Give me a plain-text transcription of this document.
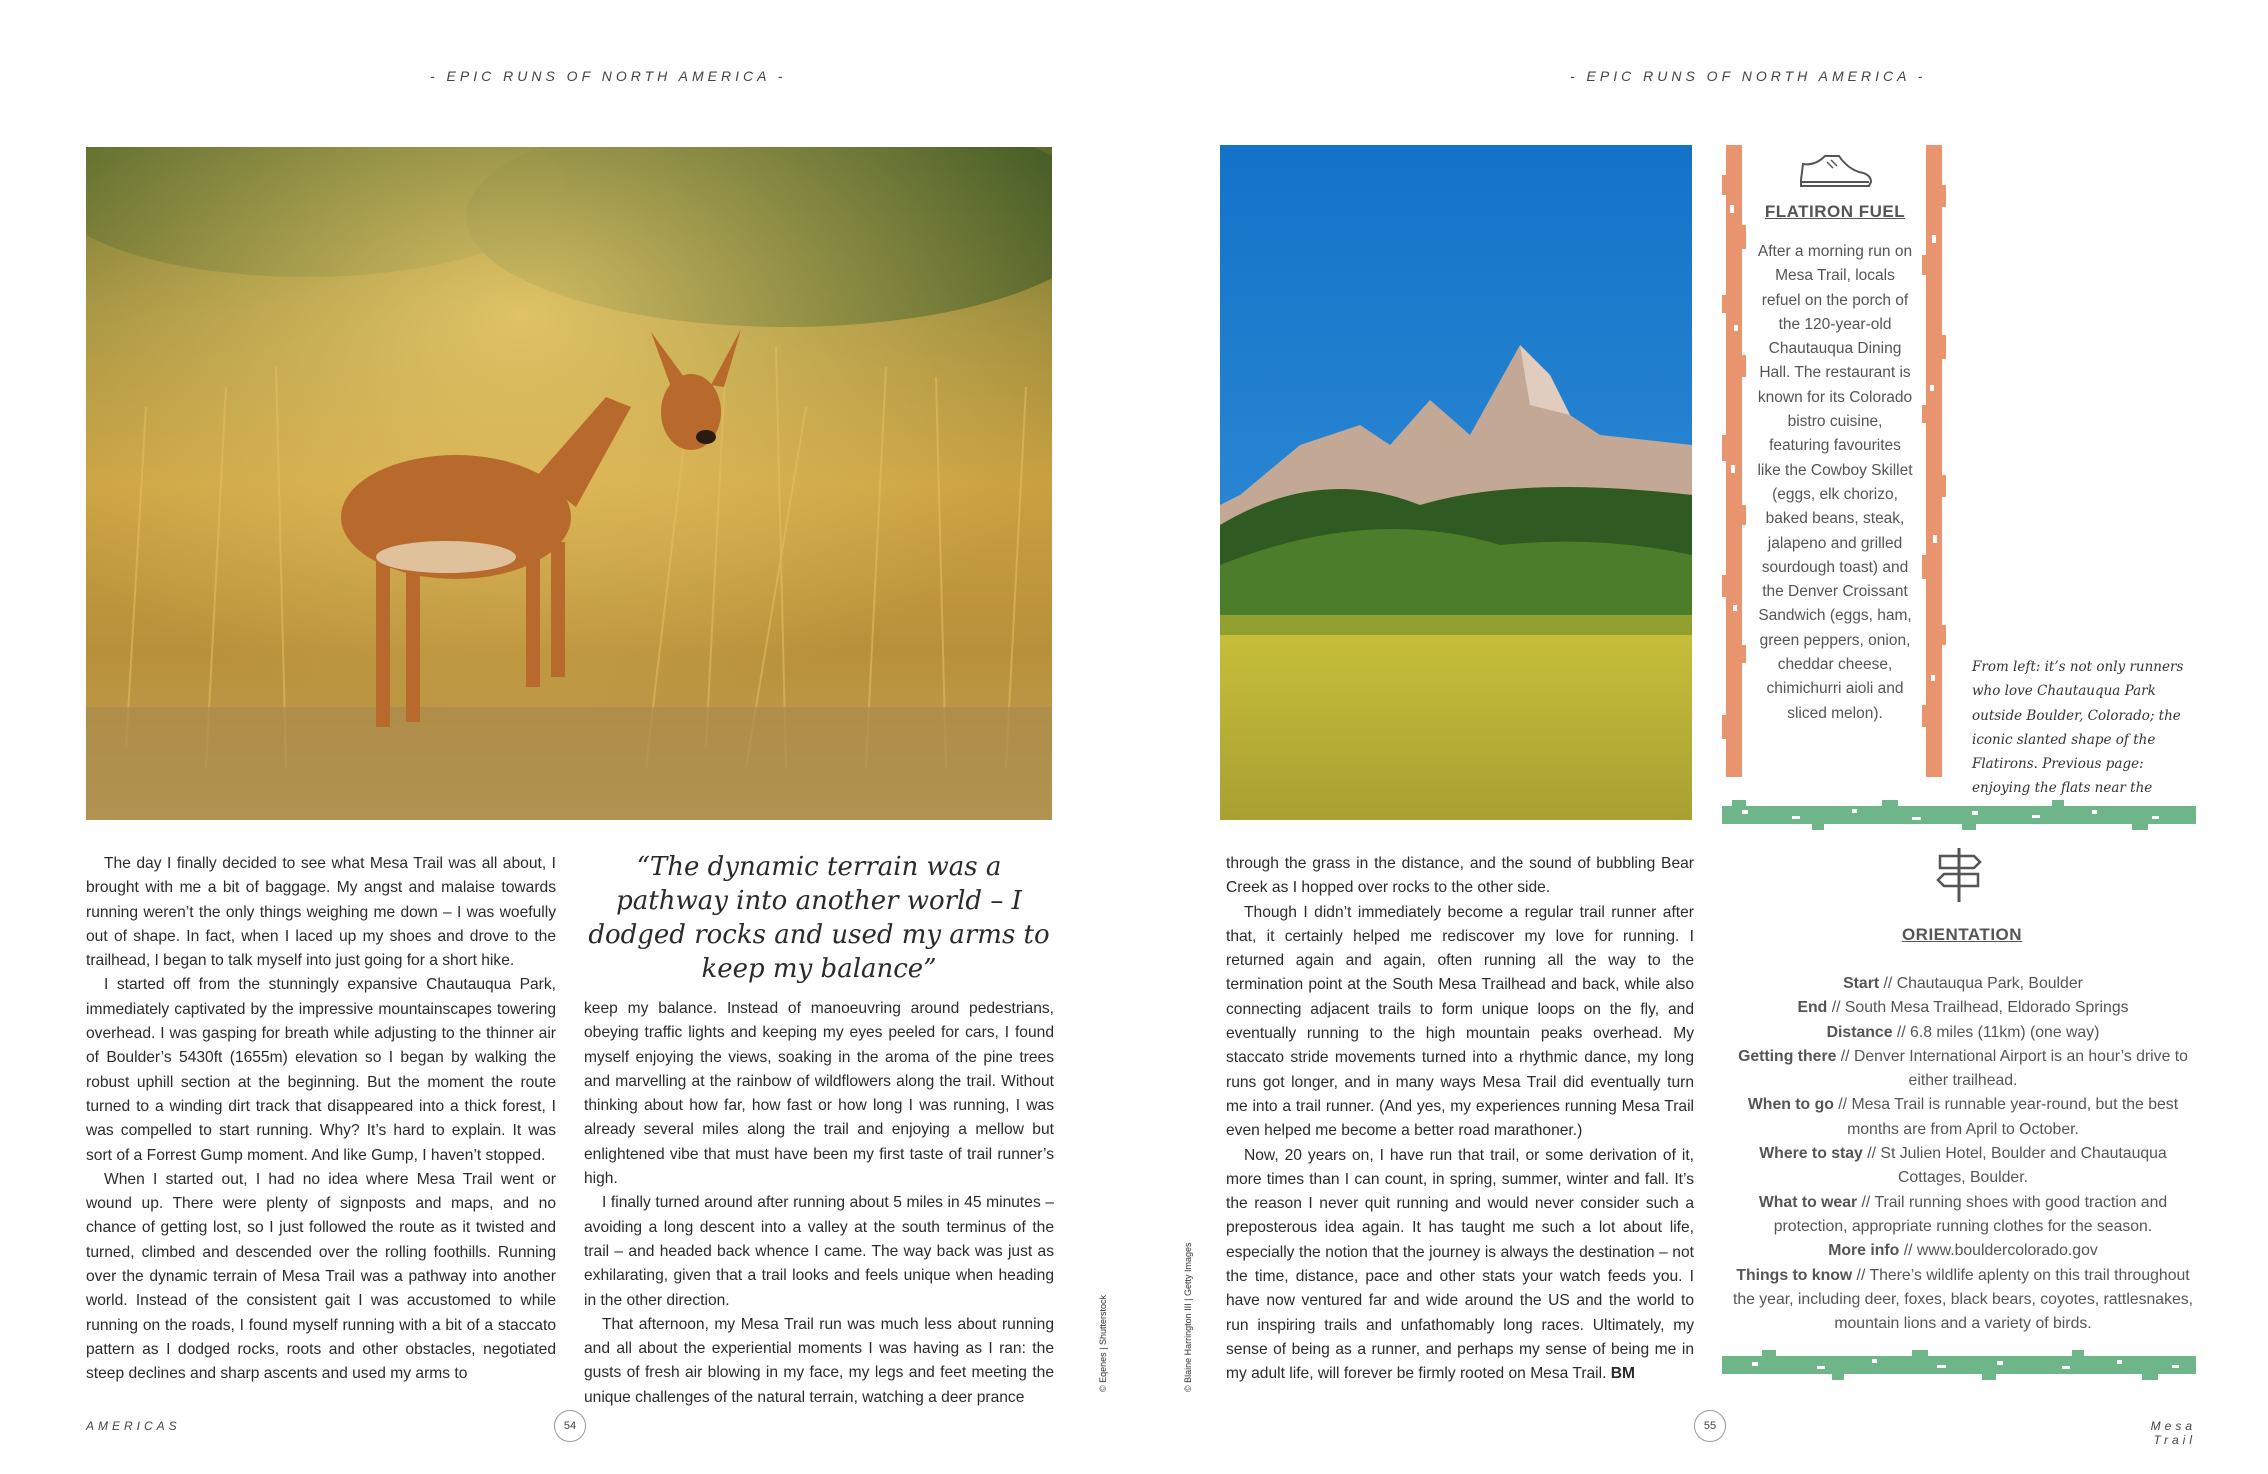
- EPIC RUNS OF NORTH AMERICA -	- EPIC RUNS OF NORTH AMERICA -
“The dynamic terrain was a pathway into another world – I dodged rocks and used my arms to keep my balance”

The day I finally decided to see what Mesa Trail was all about, I brought with me a bit of baggage. My angst and malaise towards running weren’t the only things weighing me down – I was woefully out of shape. In fact, when I laced up my shoes and drove to the trailhead, I began to talk myself into just going for a short hike.

I started off from the stunningly expansive Chautauqua Park, immediately captivated by the impressive mountainscapes towering overhead. I was gasping for breath while adjusting to the thinner air of Boulder’s 5430ft (1655m) elevation so I began by walking the robust uphill section at the beginning. But the moment the route turned to a winding dirt track that disappeared into a thick forest, I was compelled to start running. Why? It’s hard to explain. It was sort of a Forrest Gump moment. And like Gump, I haven’t stopped.

When I started out, I had no idea where Mesa Trail went or wound up. There were plenty of signposts and maps, and no chance of getting lost, so I just followed the route as it twisted and turned, climbed and descended over the rolling foothills. Running over the dynamic terrain of Mesa Trail was a pathway into another world. Instead of the consistent gait I was accustomed to while running on the roads, I found myself running with a bit of a staccato pattern as I dodged rocks, roots and other obstacles, negotiated steep declines and sharp ascents and used my arms to

keep my balance. Instead of manoeuvring around pedestrians, obeying traffic lights and keeping my eyes peeled for cars, I found myself enjoying the views, soaking in the aroma of the pine trees and marvelling at the rainbow of wildflowers along the trail. Without thinking about how far, how fast or how long I was running, I was already several miles along the trail and enjoying a mellow but enlightened vibe that must have been my first taste of trail runner’s high.

I finally turned around after running about 5 miles in 45 minutes – avoiding a long descent into a valley at the south terminus of the trail – and headed back whence I came. The way back was just as exhilarating, given that a trail looks and feels unique when heading in the other direction.

That afternoon, my Mesa Trail run was much less about running and all about the experiential moments I was having as I ran: the gusts of fresh air blowing in my face, my legs and feet meeting the unique challenges of the natural terrain, watching a deer prance

© Eqenes | Shutterstock	© Blaine Harrington III | Getty Images

through the grass in the distance, and the sound of bubbling Bear Creek as I hopped over rocks to the other side.

Though I didn’t immediately become a regular trail runner after that, it certainly helped me rediscover my love for running. I returned again and again, often running all the way to the termination point at the South Mesa Trailhead and back, while also connecting adjacent trails to form unique loops on the fly, and eventually running to the high mountain peaks overhead. My staccato stride movements turned into a rhythmic dance, my long runs got longer, and in many ways Mesa Trail did eventually turn me into a trail runner. (And yes, my experiences running Mesa Trail even helped me become a better road marathoner.)

Now, 20 years on, I have run that trail, or some derivation of it, more times than I can count, in spring, summer, winter and fall. It’s the reason I never quit running and would never consider such a preposterous idea again. It has taught me such a lot about life, especially the notion that the journey is always the destination – not the time, distance, pace and other stats your watch feeds you. I have now ventured far and wide around the US and the world to run inspiring trails and unfathomably long races. Ultimately, my sense of being as a runner, and perhaps my sense of being me in my adult life, will forever be firmly rooted on Mesa Trail. BM

FLATIRON FUEL
After a morning run on Mesa Trail, locals refuel on the porch of the 120-year-old Chautauqua Dining Hall. The restaurant is known for its Colorado bistro cuisine, featuring favourites like the Cowboy Skillet (eggs, elk chorizo, baked beans, steak, jalapeno and grilled sourdough toast) and the Denver Croissant Sandwich (eggs, ham, green peppers, onion, cheddar cheese, chimichurri aioli and sliced melon).
From left: it’s not only runners who love Chautauqua Park outside Boulder, Colorado; the iconic slanted shape of the Flatirons. Previous page: enjoying the flats near the
ORIENTATION
Start // Chautauqua Park, Boulder
End // South Mesa Trailhead, Eldorado Springs
Distance // 6.8 miles (11km) (one way)
Getting there // Denver International Airport is an hour’s drive to either trailhead.
When to go // Mesa Trail is runnable year-round, but the best months are from April to October.
Where to stay // St Julien Hotel, Boulder and Chautauqua Cottages, Boulder.
What to wear // Trail running shoes with good traction and protection, appropriate running clothes for the season.
More info // www.bouldercolorado.gov
Things to know // There’s wildlife aplenty on this trail throughout the year, including deer, foxes, black bears, coyotes, rattlesnakes, mountain lions and a variety of birds.
AMERICAS	54	55	Mesa Trail
